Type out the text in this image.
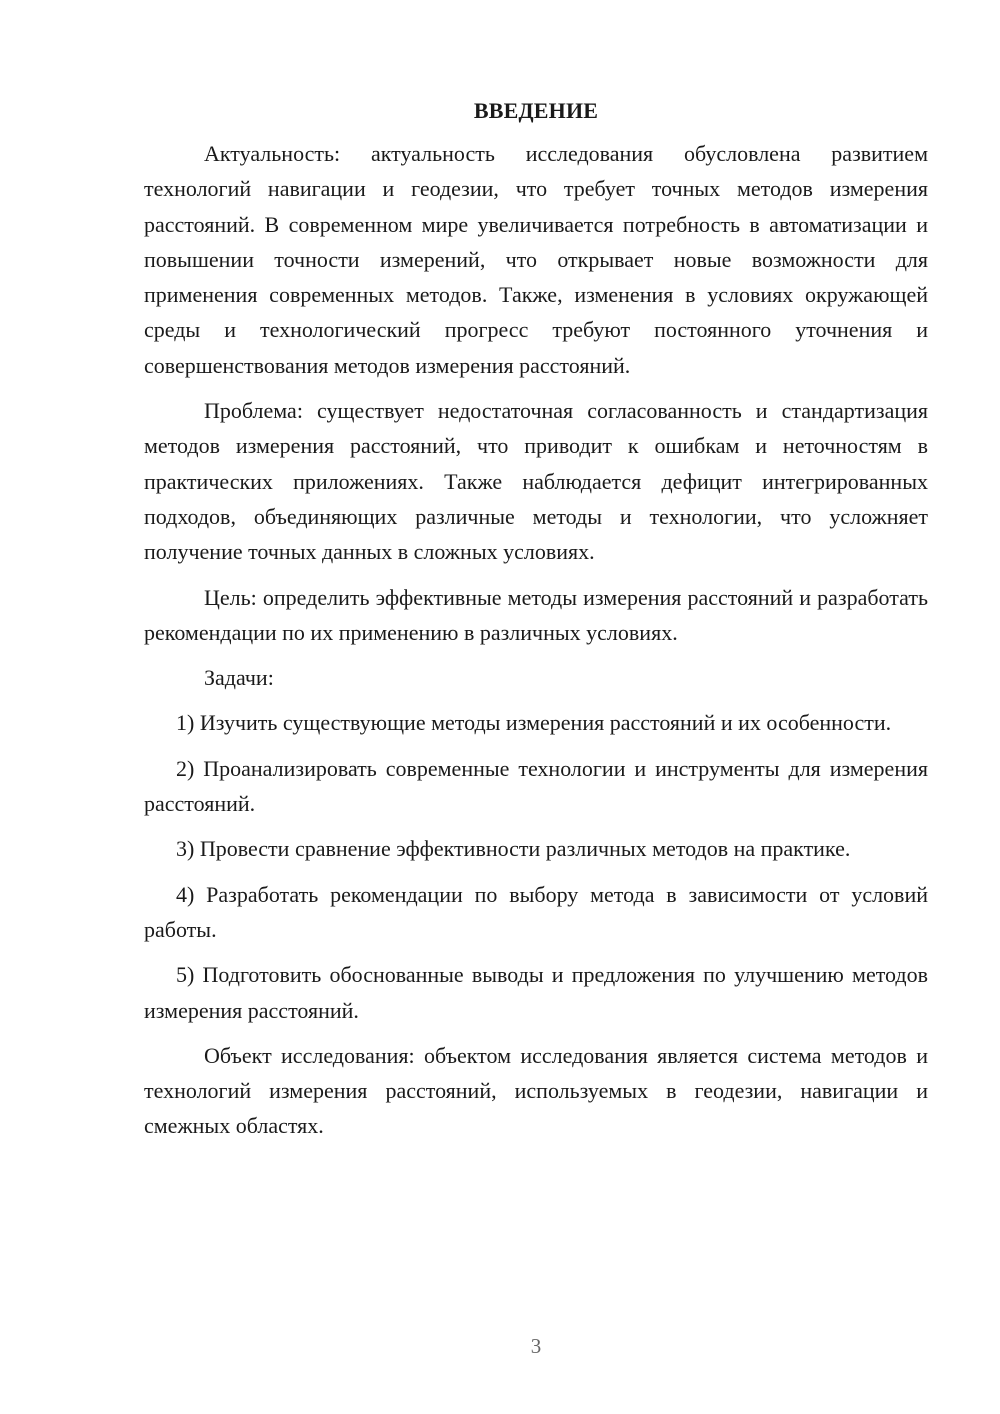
ВВЕДЕНИЕ

Актуальность: актуальность исследования обусловлена развитием технологий навигации и геодезии, что требует точных методов измерения расстояний. В современном мире увеличивается потребность в автоматизации и повышении точности измерений, что открывает новые возможности для применения современных методов. Также, изменения в условиях окружающей среды и технологический прогресс требуют постоянного уточнения и совершенствования методов измерения расстояний.

Проблема: существует недостаточная согласованность и стандартизация методов измерения расстояний, что приводит к ошибкам и неточностям в практических приложениях. Также наблюдается дефицит интегрированных подходов, объединяющих различные методы и технологии, что усложняет получение точных данных в сложных условиях.

Цель: определить эффективные методы измерения расстояний и разработать рекомендации по их применению в различных условиях.

Задачи:

1) Изучить существующие методы измерения расстояний и их особенности.

2) Проанализировать современные технологии и инструменты для измерения расстояний.

3) Провести сравнение эффективности различных методов на практике.

4) Разработать рекомендации по выбору метода в зависимости от условий работы.

5) Подготовить обоснованные выводы и предложения по улучшению методов измерения расстояний.

Объект исследования: объектом исследования является система методов и технологий измерения расстояний, используемых в геодезии, навигации и смежных областях.

3
